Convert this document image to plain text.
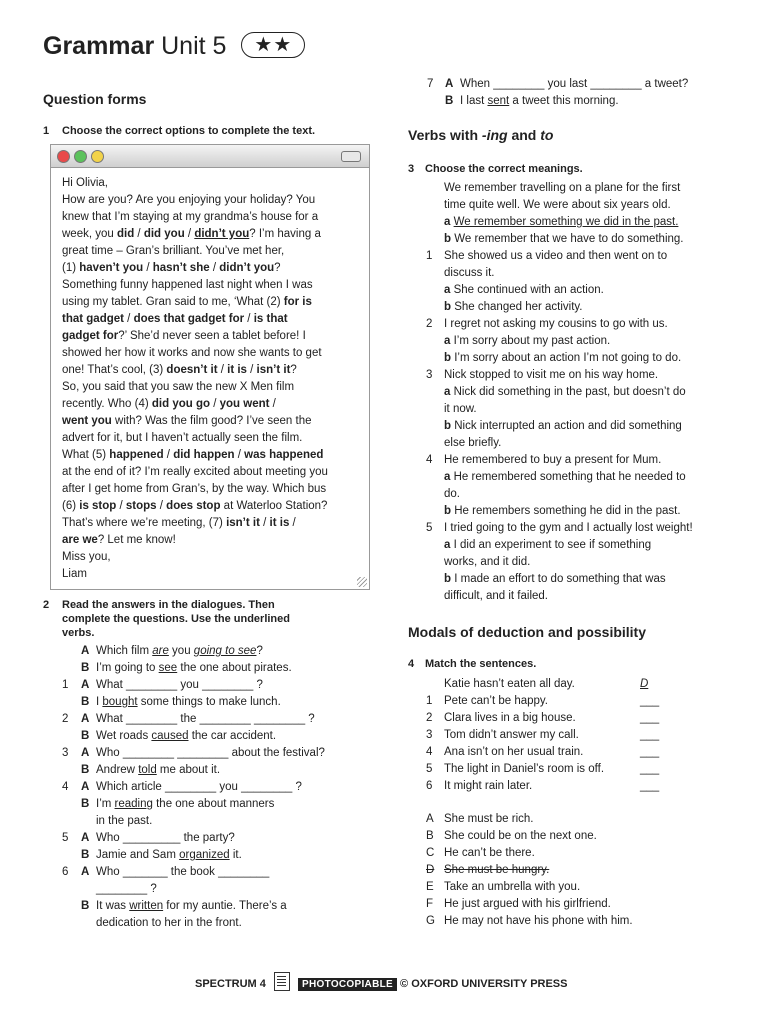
Grammar Unit 5 ★★
Question forms
1 Choose the correct options to complete the text.
Hi Olivia,
How are you? Are you enjoying your holiday? You
knew that I’m staying at my grandma’s house for a
week, you did / did you / didn’t you? I’m having a
great time – Gran’s brilliant. You’ve met her,
(1) haven’t you / hasn’t she / didn’t you?
Something funny happened last night when I was
using my tablet. Gran said to me, ‘What (2) for is
that gadget / does that gadget for / is that
gadget for?’ She’d never seen a tablet before! I
showed her how it works and now she wants to get
one! That’s cool, (3) doesn’t it / it is / isn’t it?
So, you said that you saw the new X Men film
recently. Who (4) did you go / you went /
went you with? Was the film good? I’ve seen the
advert for it, but I haven’t actually seen the film.
What (5) happened / did happen / was happened
at the end of it? I’m really excited about meeting you
after I get home from Gran’s, by the way. Which bus
(6) is stop / stops / does stop at Waterloo Station?
That’s where we’re meeting, (7) isn’t it / it is /
are we? Let me know!
Miss you,
Liam
2 Read the answers in the dialogues. Then
complete the questions. Use the underlined
verbs.
A Which film are you going to see?
B I’m going to see the one about pirates.
1 A What ________ you ________ ?
B I bought some things to make lunch.
2 A What ________ the ________ ________ ?
B Wet roads caused the car accident.
3 A Who ________ ________ about the festival?
B Andrew told me about it.
4 A Which article ________ you ________ ?
B I’m reading the one about manners
in the past.
5 A Who _________ the party?
B Jamie and Sam organized it.
6 A Who _______ the book ________
________ ?
B It was written for my auntie. There’s a
dedication to her in the front.
7 A When ________ you last ________ a tweet?
B I last sent a tweet this morning.
Verbs with -ing and to
3 Choose the correct meanings.
We remember travelling on a plane for the first
time quite well. We were about six years old.
a We remember something we did in the past.
b We remember that we have to do something.
1 She showed us a video and then went on to
discuss it.
a She continued with an action.
b She changed her activity.
2 I regret not asking my cousins to go with us.
a I’m sorry about my past action.
b I’m sorry about an action I’m not going to do.
3 Nick stopped to visit me on his way home.
a Nick did something in the past, but doesn’t do
it now.
b Nick interrupted an action and did something
else briefly.
4 He remembered to buy a present for Mum.
a He remembered something that he needed to
do.
b He remembers something he did in the past.
5 I tried going to the gym and I actually lost weight!
a I did an experiment to see if something
works, and it did.
b I made an effort to do something that was
difficult, and it failed.
Modals of deduction and possibility
4 Match the sentences.
Katie hasn’t eaten all day.	D
1 Pete can’t be happy.	___
2 Clara lives in a big house.	___
3 Tom didn’t answer my call.	___
4 Ana isn’t on her usual train.	___
5 The light in Daniel’s room is off.	___
6 It might rain later.	___
A She must be rich.
B She could be on the next one.
C He can’t be there.
D She must be hungry.
E Take an umbrella with you.
F He just argued with his girlfriend.
G He may not have his phone with him.
SPECTRUM 4	PHOTOCOPIABLE © OXFORD UNIVERSITY PRESS
